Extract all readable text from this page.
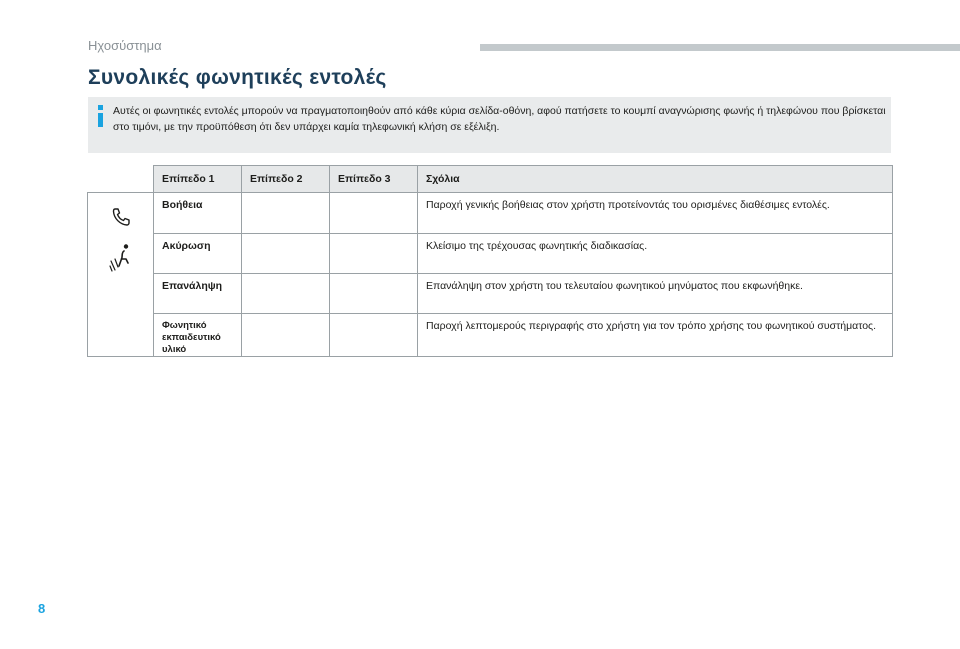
Ηχοσύστημα
Συνολικές φωνητικές εντολές
Αυτές οι φωνητικές εντολές μπορούν να πραγματοποιηθούν από κάθε κύρια σελίδα-οθόνη, αφού πατήσετε το κουμπί αναγνώρισης φωνής ή τηλεφώνου που βρίσκεται
στο τιμόνι, με την προϋπόθεση ότι δεν υπάρχει καμία τηλεφωνική κλήση σε εξέλιξη.
	Επίπεδο 1	Επίπεδο 2	Επίπεδο 3	Σχόλια

	Βοήθεια			Παροχή γενικής βοήθειας στον χρήστη προτείνοντάς του ορισμένες διαθέσιμες εντολές.
	Ακύρωση			Κλείσιμο της τρέχουσας φωνητικής διαδικασίας.
	Επανάληψη			Επανάληψη στον χρήστη του τελευταίου φωνητικού μηνύματος που εκφωνήθηκε.

	Φωνητικό
εκπαιδευτικό υλικό			Παροχή λεπτομερούς περιγραφής στο χρήστη για τον τρόπο χρήσης του φωνητικού συστήματος.
8
